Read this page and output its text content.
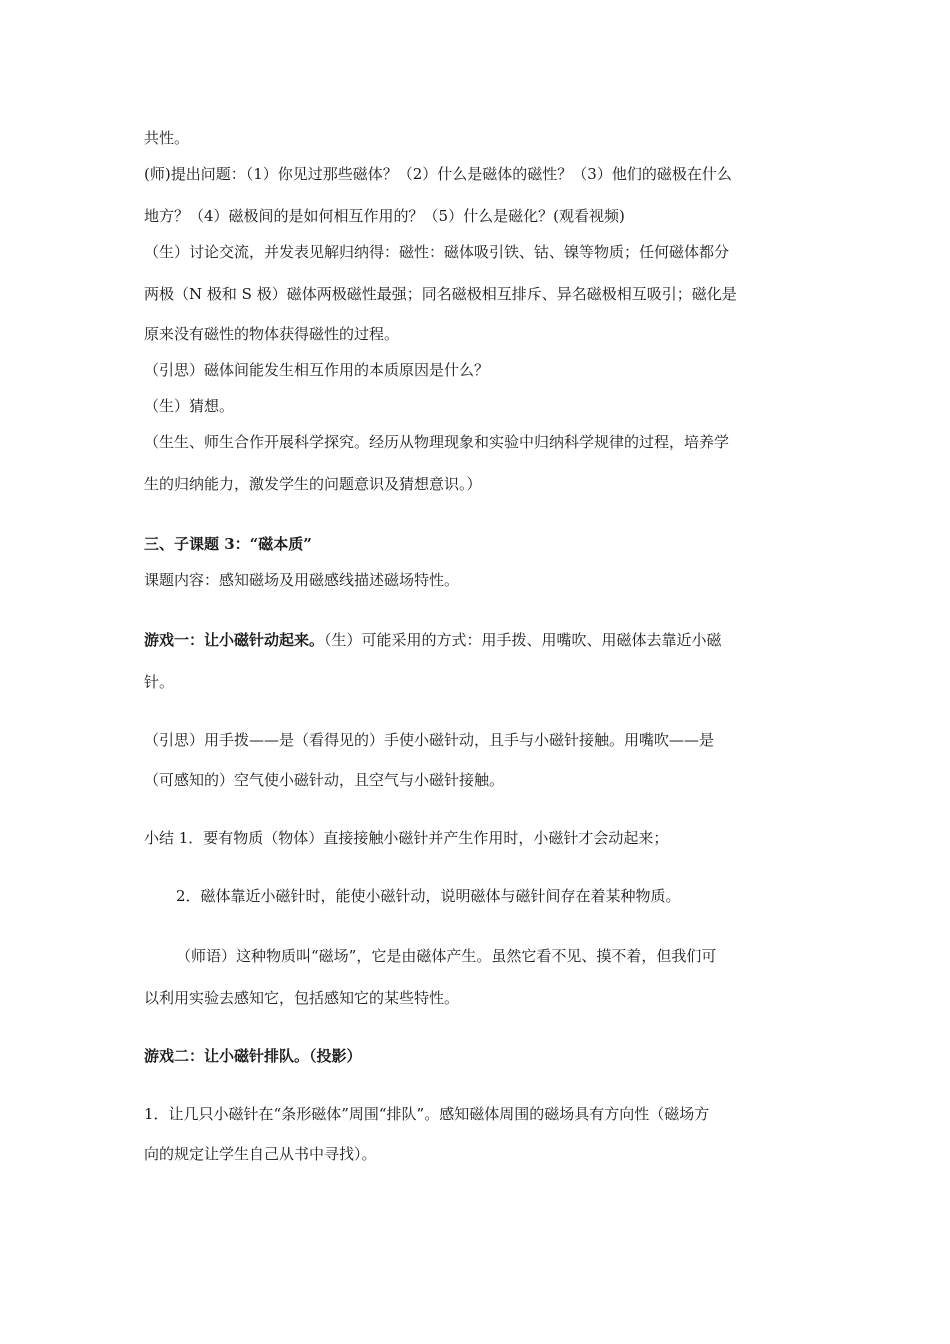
共性。
(师)提出问题：（1）你见过那些磁体？（2）什么是磁体的磁性？（3）他们的磁极在什么
地方？（4）磁极间的是如何相互作用的？（5）什么是磁化？(观看视频)
（生）讨论交流，并发表见解归纳得：磁性：磁体吸引铁、钴、镍等物质；任何磁体都分
两极（N 极和 S 极）磁体两极磁性最强；同名磁极相互排斥、异名磁极相互吸引；磁化是
原来没有磁性的物体获得磁性的过程。
（引思）磁体间能发生相互作用的本质原因是什么？
（生）猜想。
（生生、师生合作开展科学探究。经历从物理现象和实验中归纳科学规律的过程，培养学
生的归纳能力，激发学生的问题意识及猜想意识。）
三、子课题 3：“磁本质”
课题内容：感知磁场及用磁感线描述磁场特性。
游戏一：让小磁针动起来。（生）可能采用的方式：用手拨、用嘴吹、用磁体去靠近小磁
针。
（引思）用手拨——是（看得见的）手使小磁针动，且手与小磁针接触。用嘴吹——是
（可感知的）空气使小磁针动，且空气与小磁针接触。
小结 1．要有物质（物体）直接接触小磁针并产生作用时，小磁针才会动起来；
2．磁体靠近小磁针时，能使小磁针动，说明磁体与磁针间存在着某种物质。
（师语）这种物质叫“磁场”，它是由磁体产生。虽然它看不见、摸不着，但我们可
以利用实验去感知它，包括感知它的某些特性。
游戏二：让小磁针排队。（投影）
1．让几只小磁针在“条形磁体”周围“排队”。感知磁体周围的磁场具有方向性（磁场方
向的规定让学生自己从书中寻找）。
